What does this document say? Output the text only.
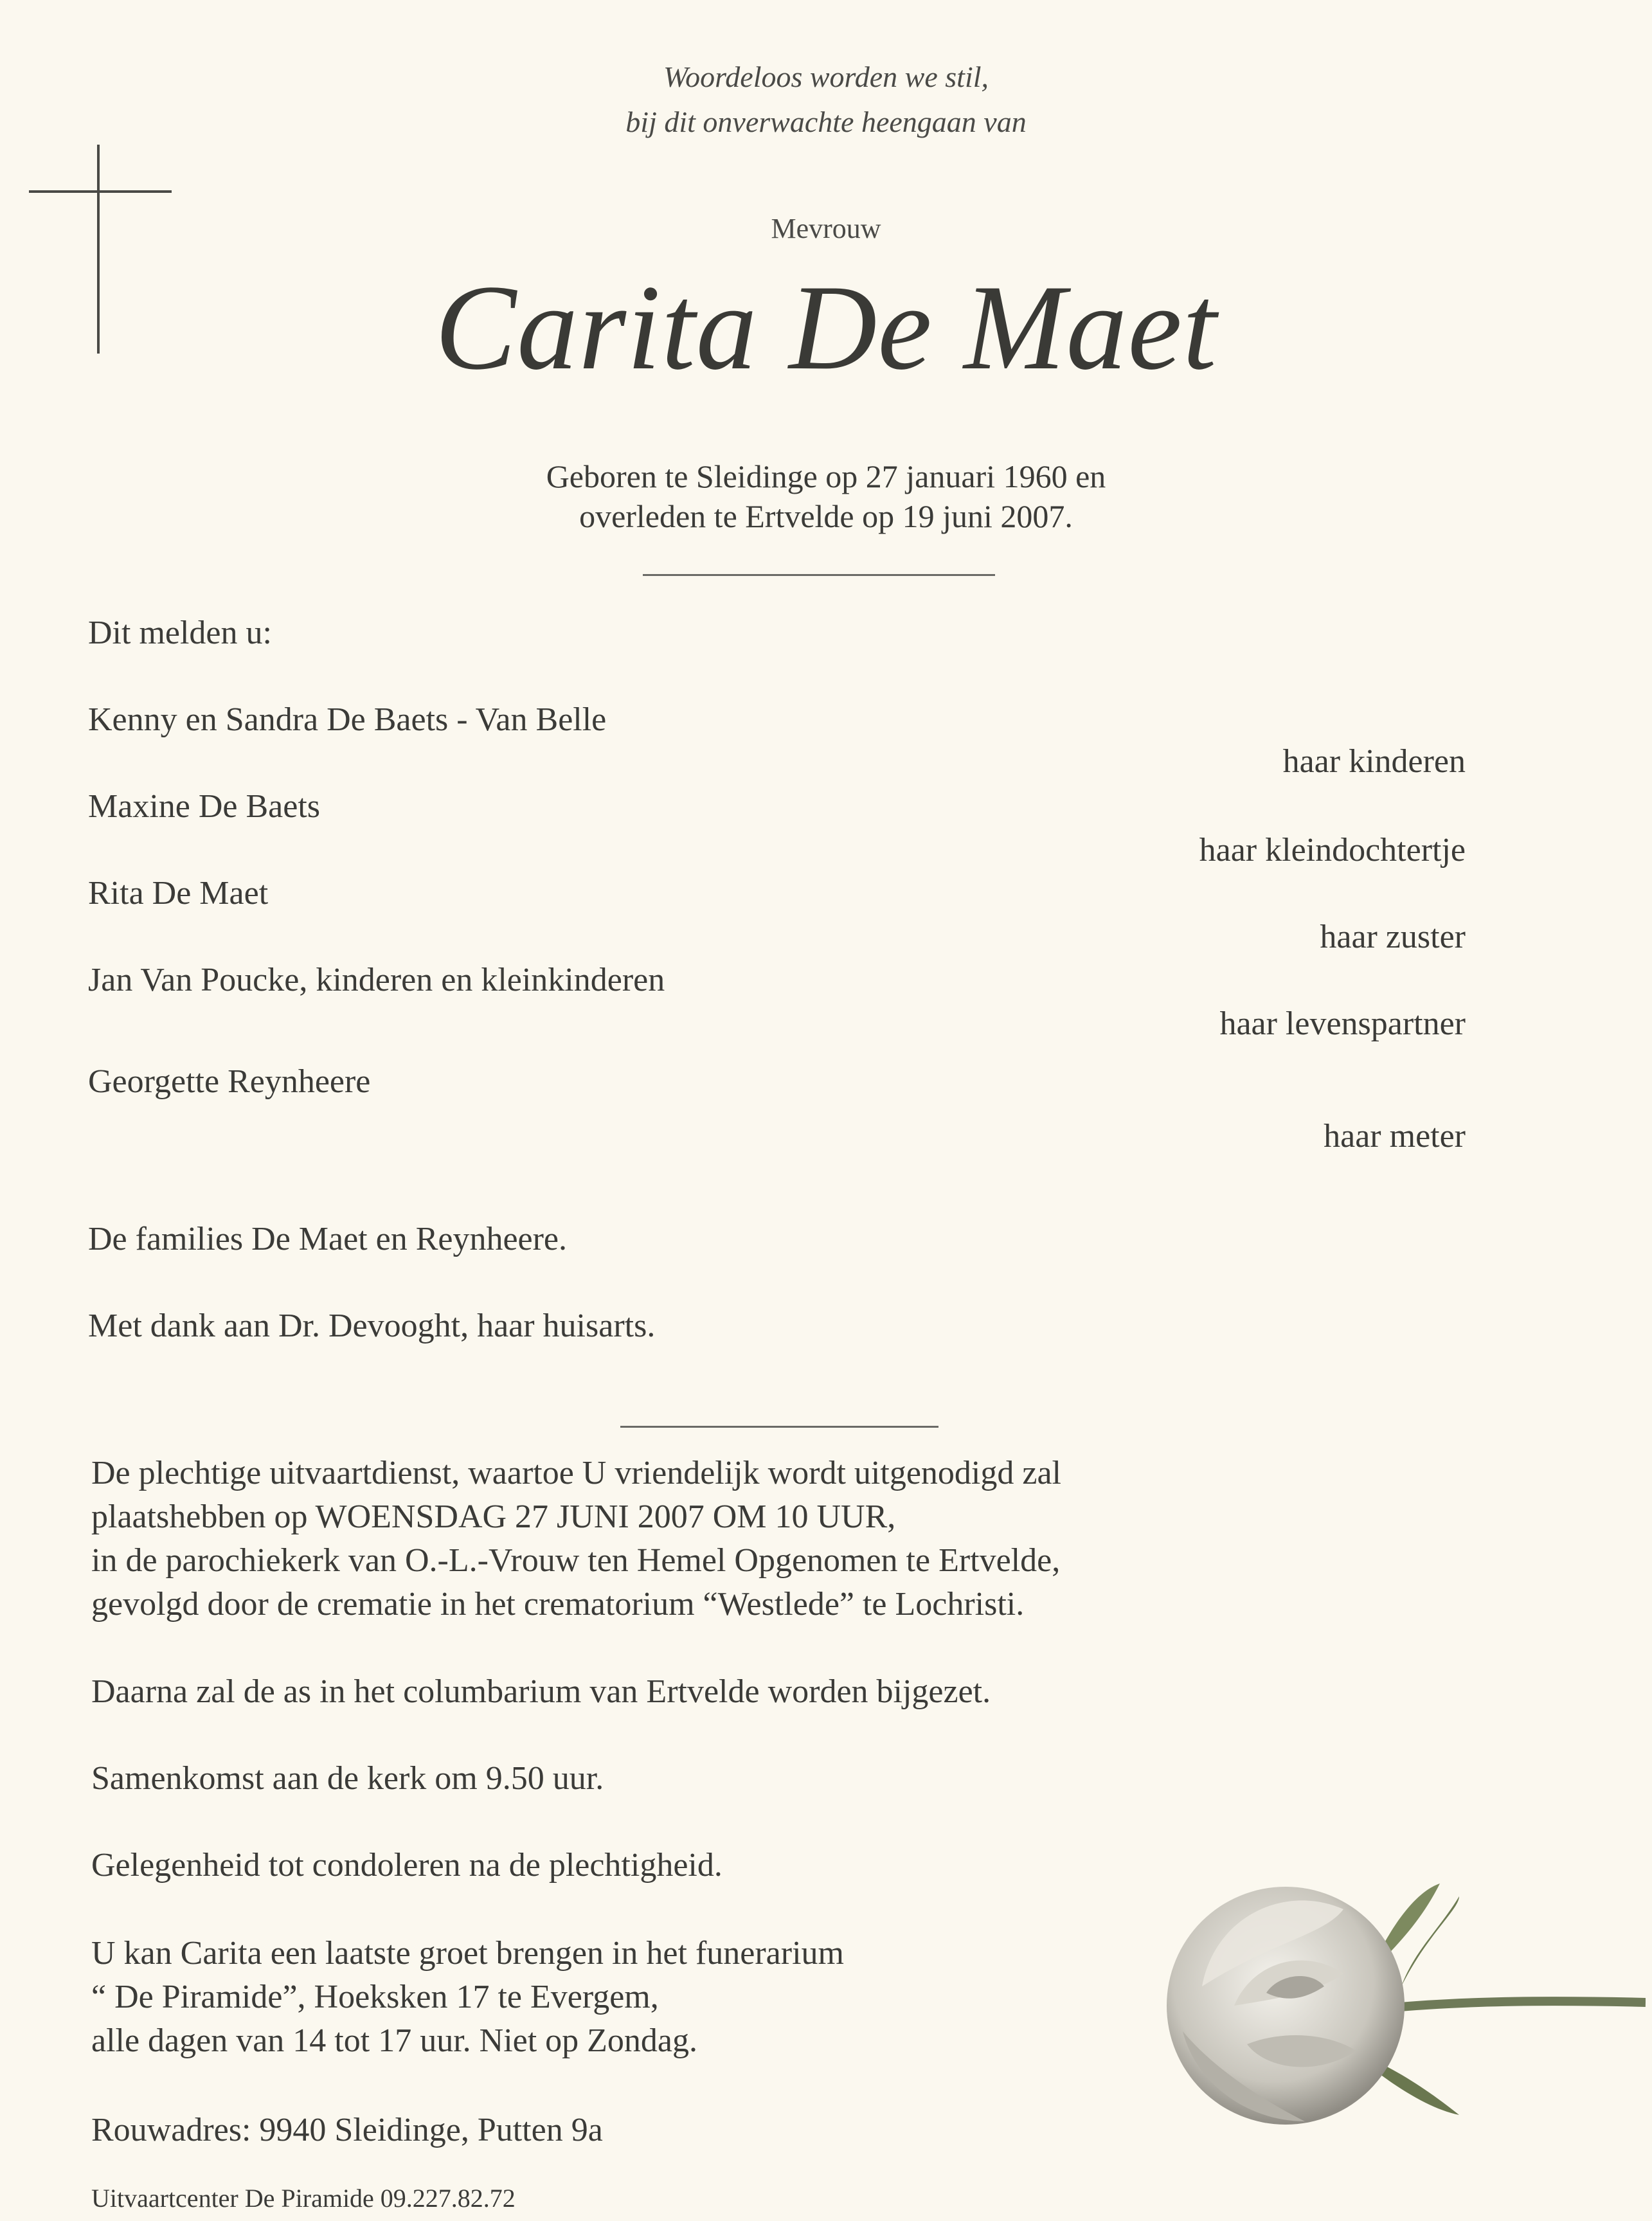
Woordeloos worden we stil,

bij dit onverwachte heengaan van

Mevrouw

Carita De Maet

Geboren te Sleidinge op 27 januari 1960 en

overleden te Ertvelde op 19 juni 2007.

Dit melden u:

Kenny en Sandra De Baets - Van Belle

haar kinderen

Maxine De Baets

haar kleindochtertje

Rita De Maet

haar zuster

Jan Van Poucke, kinderen en kleinkinderen

haar levenspartner

Georgette Reynheere

haar meter

De families De Maet en Reynheere.

Met dank aan Dr. Devooght, haar huisarts.

De plechtige uitvaartdienst, waartoe U vriendelijk wordt uitgenodigd zal

plaatshebben op WOENSDAG 27 JUNI 2007 OM 10 UUR,

in de parochiekerk van O.-L.-Vrouw ten Hemel Opgenomen te Ertvelde,

gevolgd door de crematie in het crematorium “Westlede” te Lochristi.

Daarna zal de as in het columbarium van Ertvelde worden bijgezet.

Samenkomst aan de kerk om 9.50 uur.

Gelegenheid tot condoleren na de plechtigheid.

U kan Carita een laatste groet brengen in het funerarium

“ De Piramide”, Hoeksken 17 te Evergem,

alle dagen van 14 tot 17 uur. Niet op Zondag.

Rouwadres: 9940 Sleidinge, Putten 9a

Uitvaartcenter De Piramide 09.227.82.72
